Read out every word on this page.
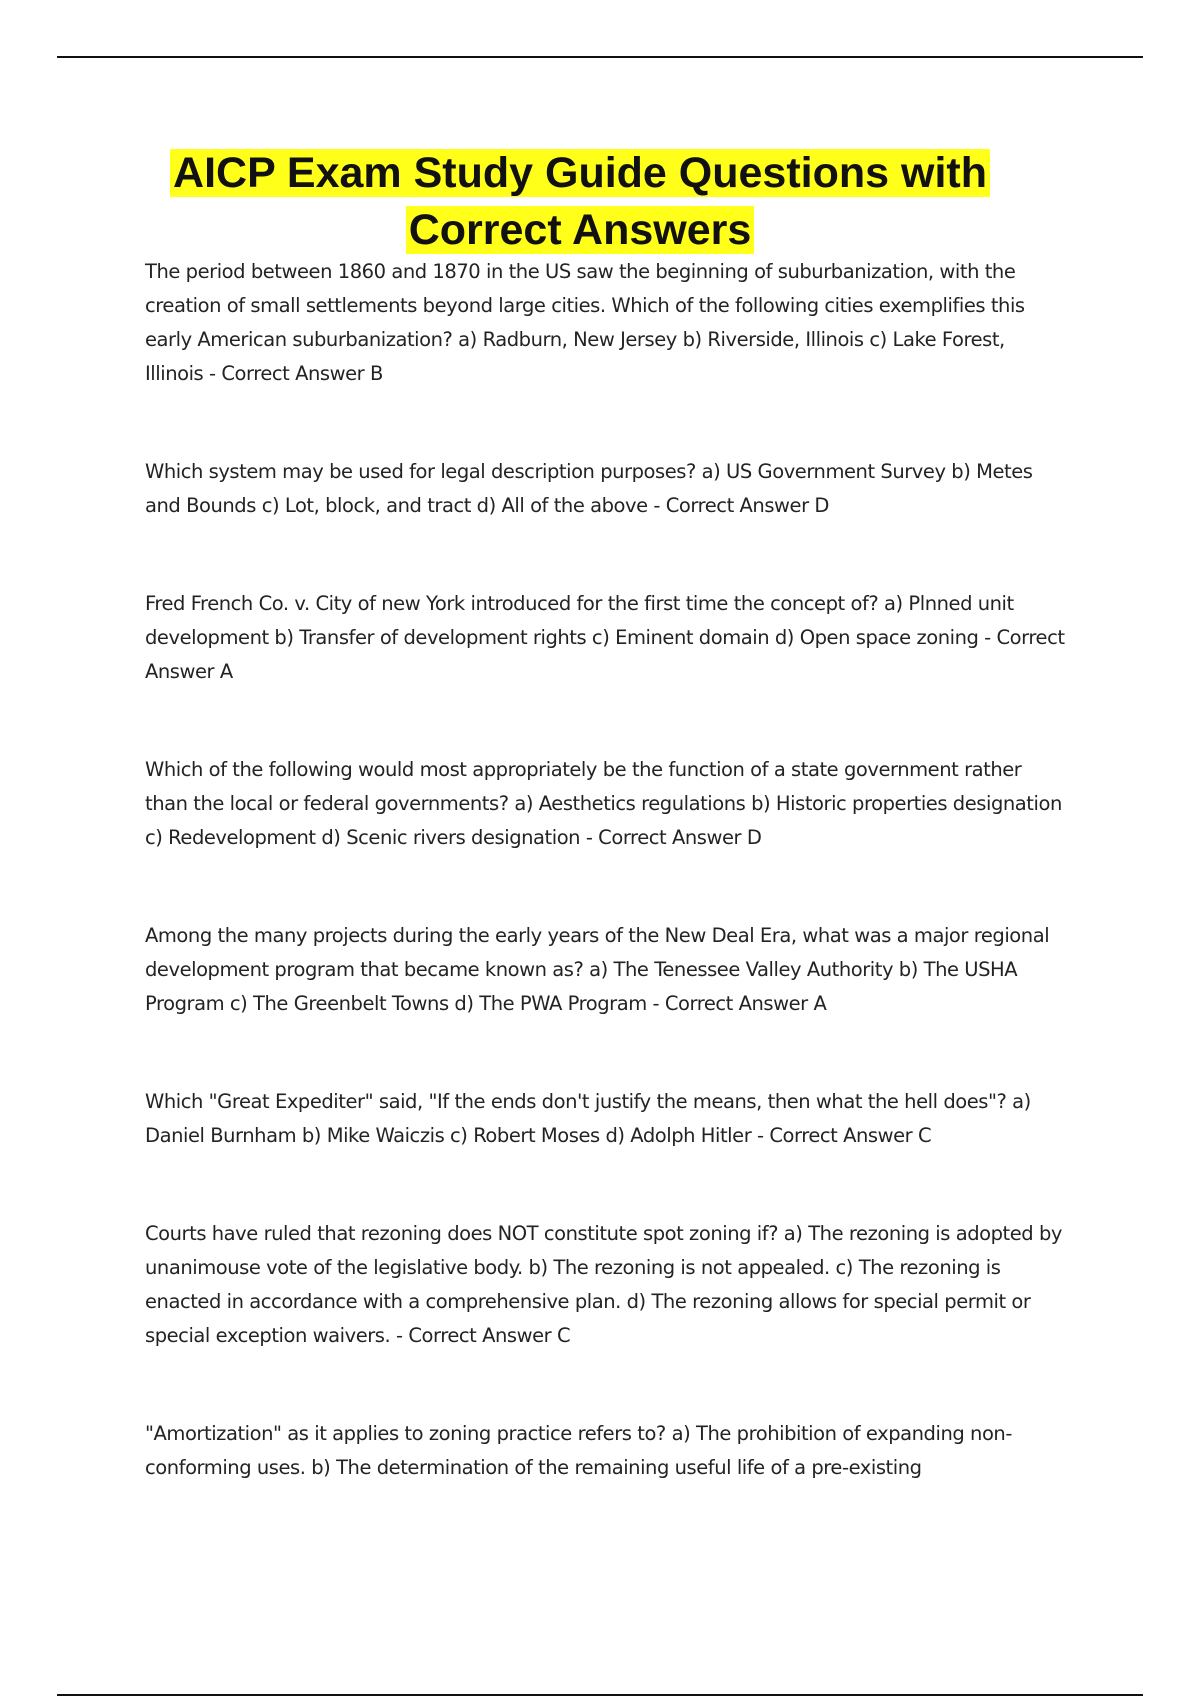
AICP Exam Study Guide Questions with Correct Answers
The period between 1860 and 1870 in the US saw the beginning of suburbanization, with the creation of small settlements beyond large cities. Which of the following cities exemplifies this early American suburbanization? a) Radburn, New Jersey b) Riverside, Illinois c) Lake Forest, Illinois - Correct Answer B
Which system may be used for legal description purposes? a) US Government Survey b) Metes and Bounds c) Lot, block, and tract d) All of the above - Correct Answer D
Fred French Co. v. City of new York introduced for the first time the concept of? a) Plnned unit development b) Transfer of development rights c) Eminent domain d) Open space zoning - Correct Answer A
Which of the following would most appropriately be the function of a state government rather than the local or federal governments? a) Aesthetics regulations b) Historic properties designation c) Redevelopment d) Scenic rivers designation - Correct Answer D
Among the many projects during the early years of the New Deal Era, what was a major regional development program that became known as? a) The Tenessee Valley Authority b) The USHA Program c) The Greenbelt Towns d) The PWA Program - Correct Answer A
Which "Great Expediter" said, "If the ends don't justify the means, then what the hell does"? a) Daniel Burnham b) Mike Waiczis c) Robert Moses d) Adolph Hitler - Correct Answer C
Courts have ruled that rezoning does NOT constitute spot zoning if? a) The rezoning is adopted by unanimouse vote of the legislative body. b) The rezoning is not appealed. c) The rezoning is enacted in accordance with a comprehensive plan. d) The rezoning allows for special permit or special exception waivers. - Correct Answer C
"Amortization" as it applies to zoning practice refers to? a) The prohibition of expanding non-conforming uses. b) The determination of the remaining useful life of a pre-existing
